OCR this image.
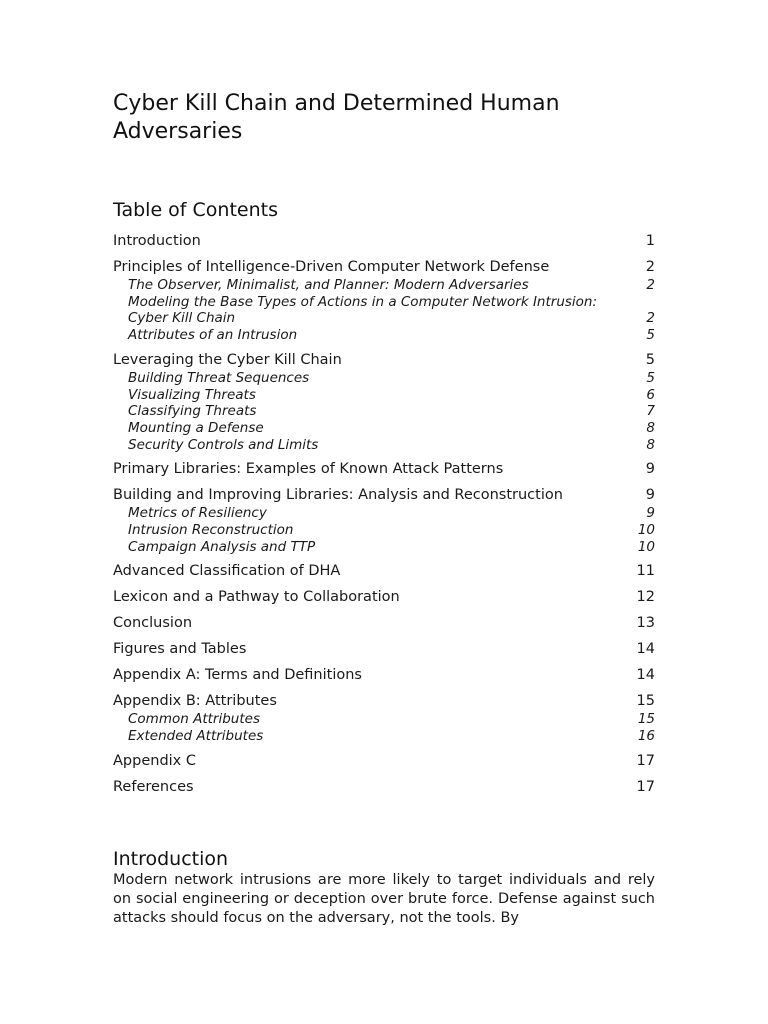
Cyber Kill Chain and Determined Human Adversaries
Table of Contents
Introduction	1
Principles of Intelligence-Driven Computer Network Defense	2
The Observer, Minimalist, and Planner: Modern Adversaries	2
Modeling the Base Types of Actions in a Computer Network Intrusion: Cyber Kill Chain	2
Attributes of an Intrusion	5
Leveraging the Cyber Kill Chain	5
Building Threat Sequences	5
Visualizing Threats	6
Classifying Threats	7
Mounting a Defense	8
Security Controls and Limits	8
Primary Libraries: Examples of Known Attack Patterns	9
Building and Improving Libraries: Analysis and Reconstruction	9
Metrics of Resiliency	9
Intrusion Reconstruction	10
Campaign Analysis and TTP	10
Advanced Classification of DHA	11
Lexicon and a Pathway to Collaboration	12
Conclusion	13
Figures and Tables	14
Appendix A: Terms and Definitions	14
Appendix B: Attributes	15
Common Attributes	15
Extended Attributes	16
Appendix C	17
References	17
Introduction

Modern network intrusions are more likely to target individuals and rely on social engineering or deception over brute force. Defense against such attacks should focus on the adversary, not the tools. By
